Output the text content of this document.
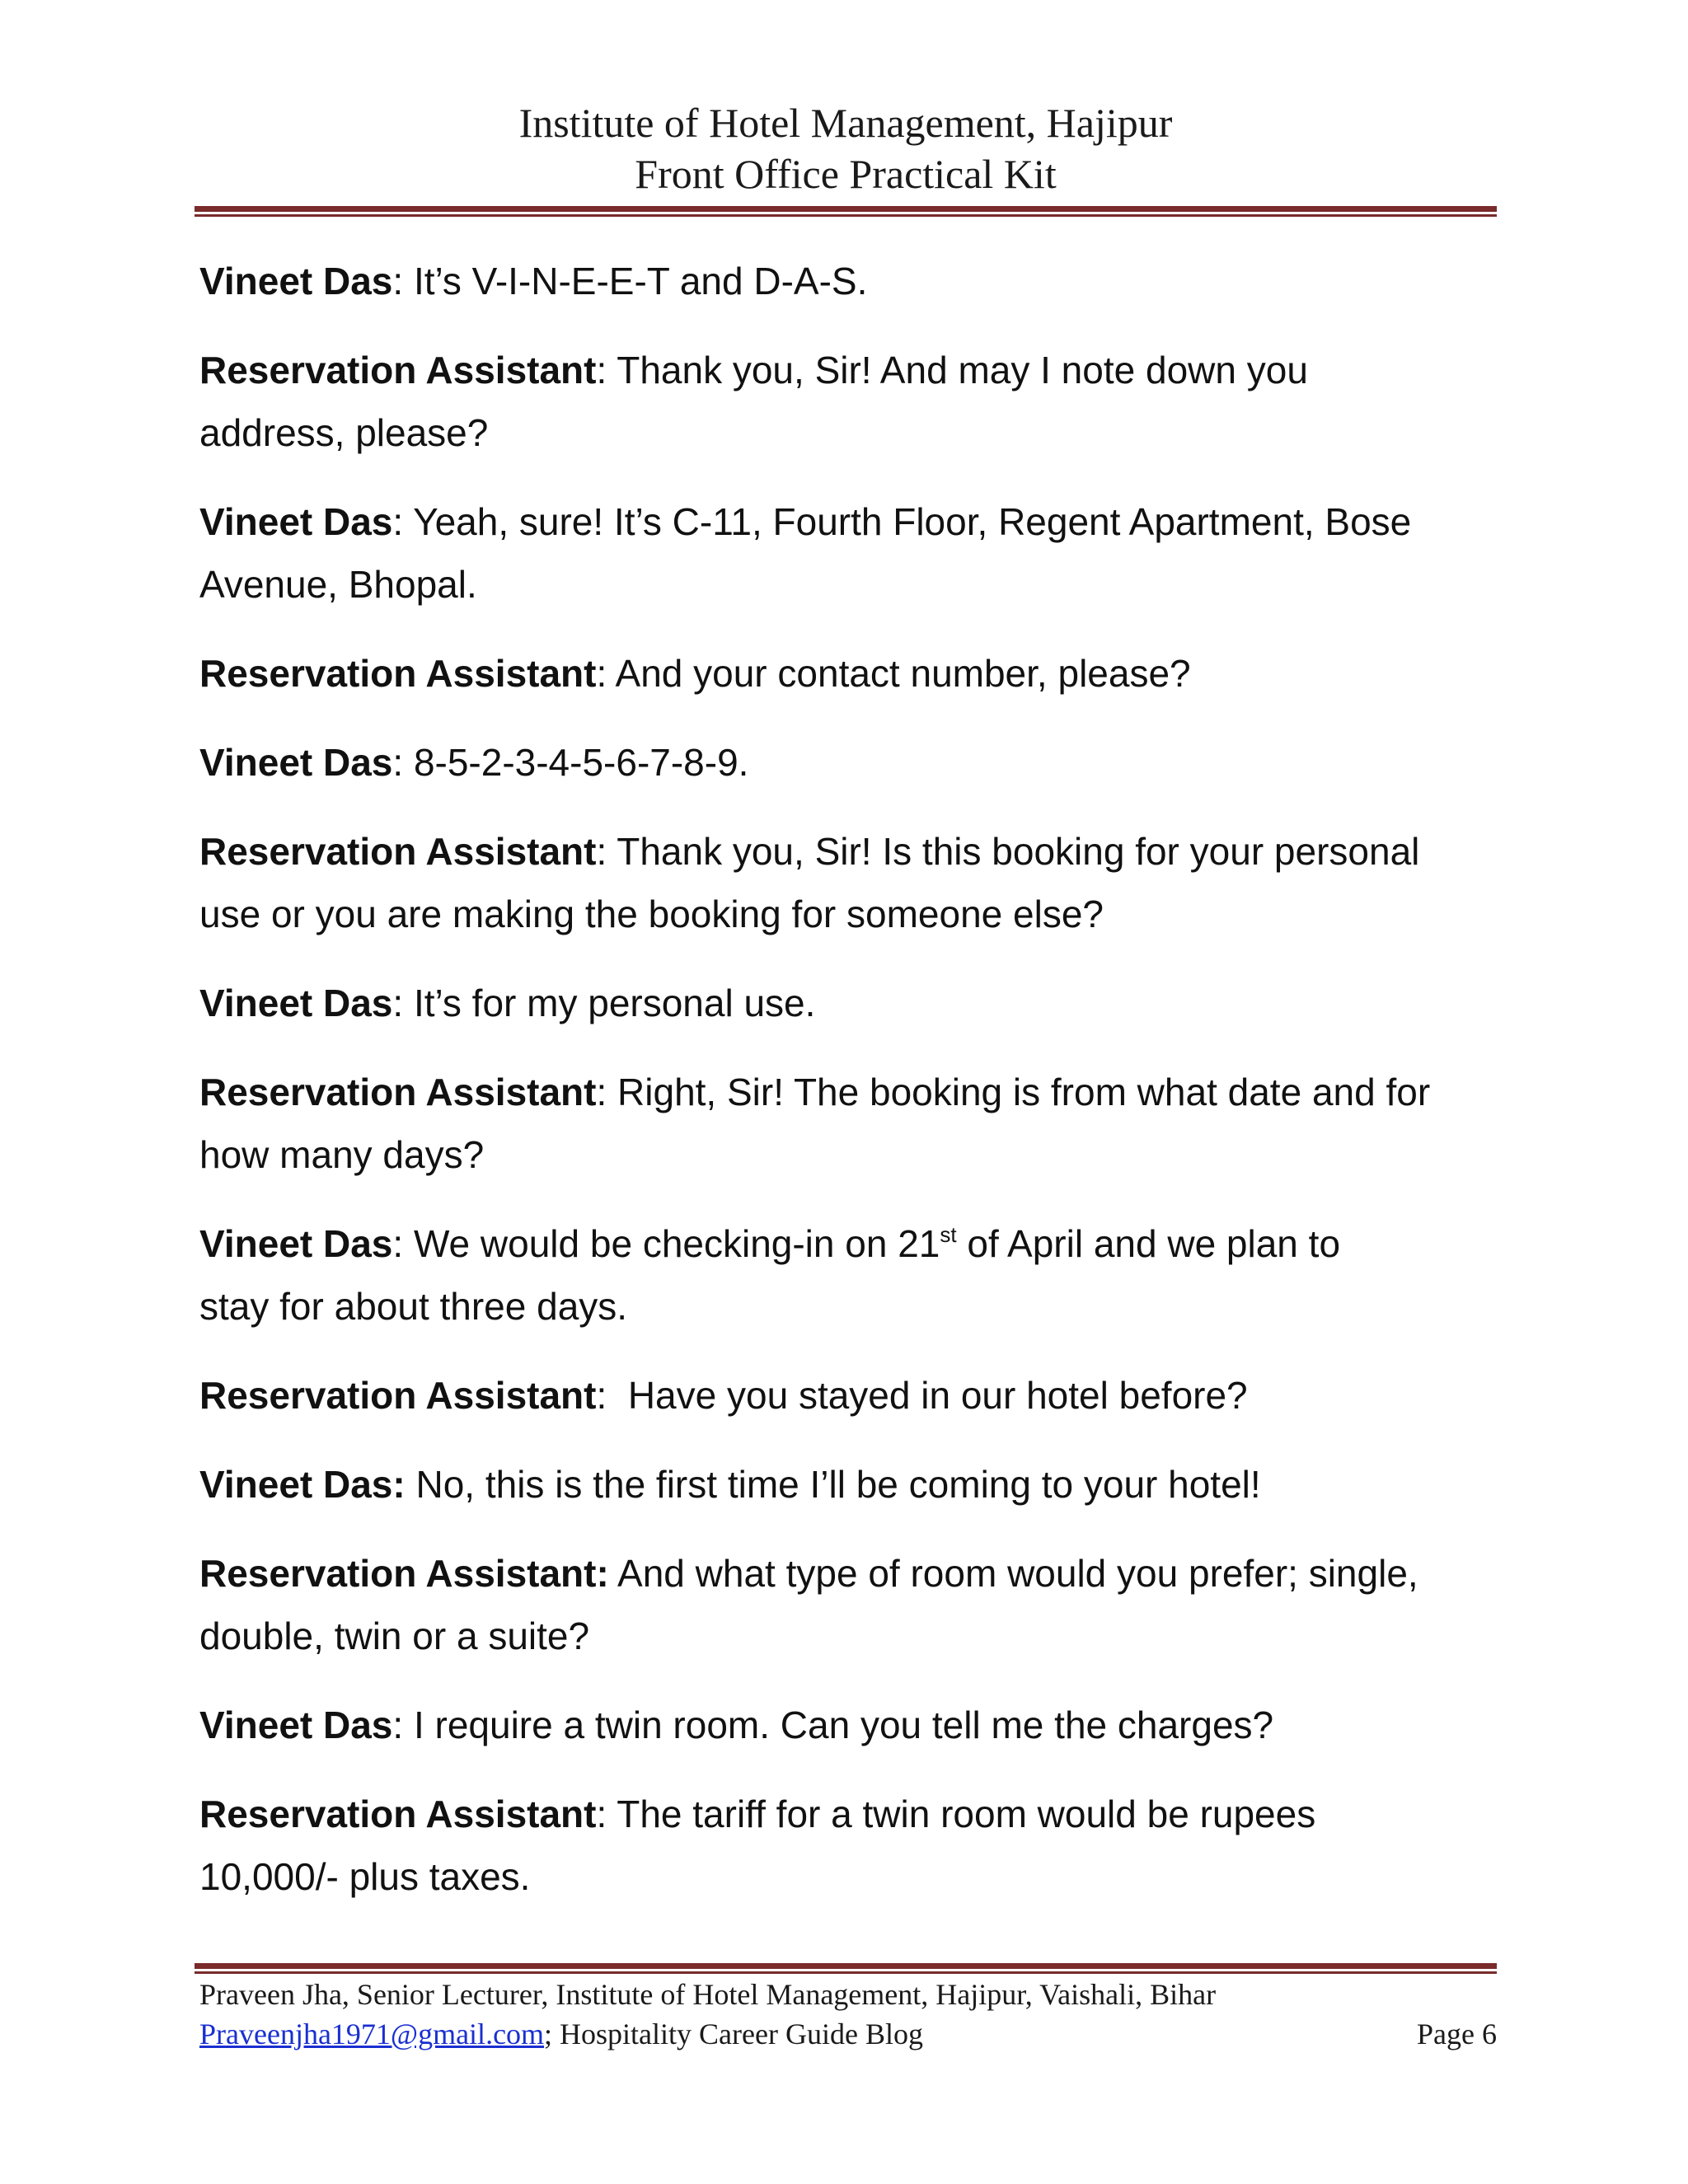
Institute of Hotel Management, Hajipur
Front Office Practical Kit
Vineet Das: It’s V-I-N-E-E-T and D-A-S.
Reservation Assistant: Thank you, Sir! And may I note down you
address, please?
Vineet Das: Yeah, sure! It’s C-11, Fourth Floor, Regent Apartment, Bose
Avenue, Bhopal.
Reservation Assistant: And your contact number, please?
Vineet Das: 8-5-2-3-4-5-6-7-8-9.
Reservation Assistant: Thank you, Sir! Is this booking for your personal
use or you are making the booking for someone else?
Vineet Das: It’s for my personal use.
Reservation Assistant: Right, Sir! The booking is from what date and for
how many days?
Vineet Das: We would be checking-in on 21st of April and we plan to
stay for about three days.
Reservation Assistant:  Have you stayed in our hotel before?
Vineet Das: No, this is the first time I’ll be coming to your hotel!
Reservation Assistant: And what type of room would you prefer; single,
double, twin or a suite?
Vineet Das: I require a twin room. Can you tell me the charges?
Reservation Assistant: The tariff for a twin room would be rupees
10,000/- plus taxes.
Praveen Jha, Senior Lecturer, Institute of Hotel Management, Hajipur, Vaishali, Bihar
Praveenjha1971@gmail.com; Hospitality Career Guide Blog	Page 6
